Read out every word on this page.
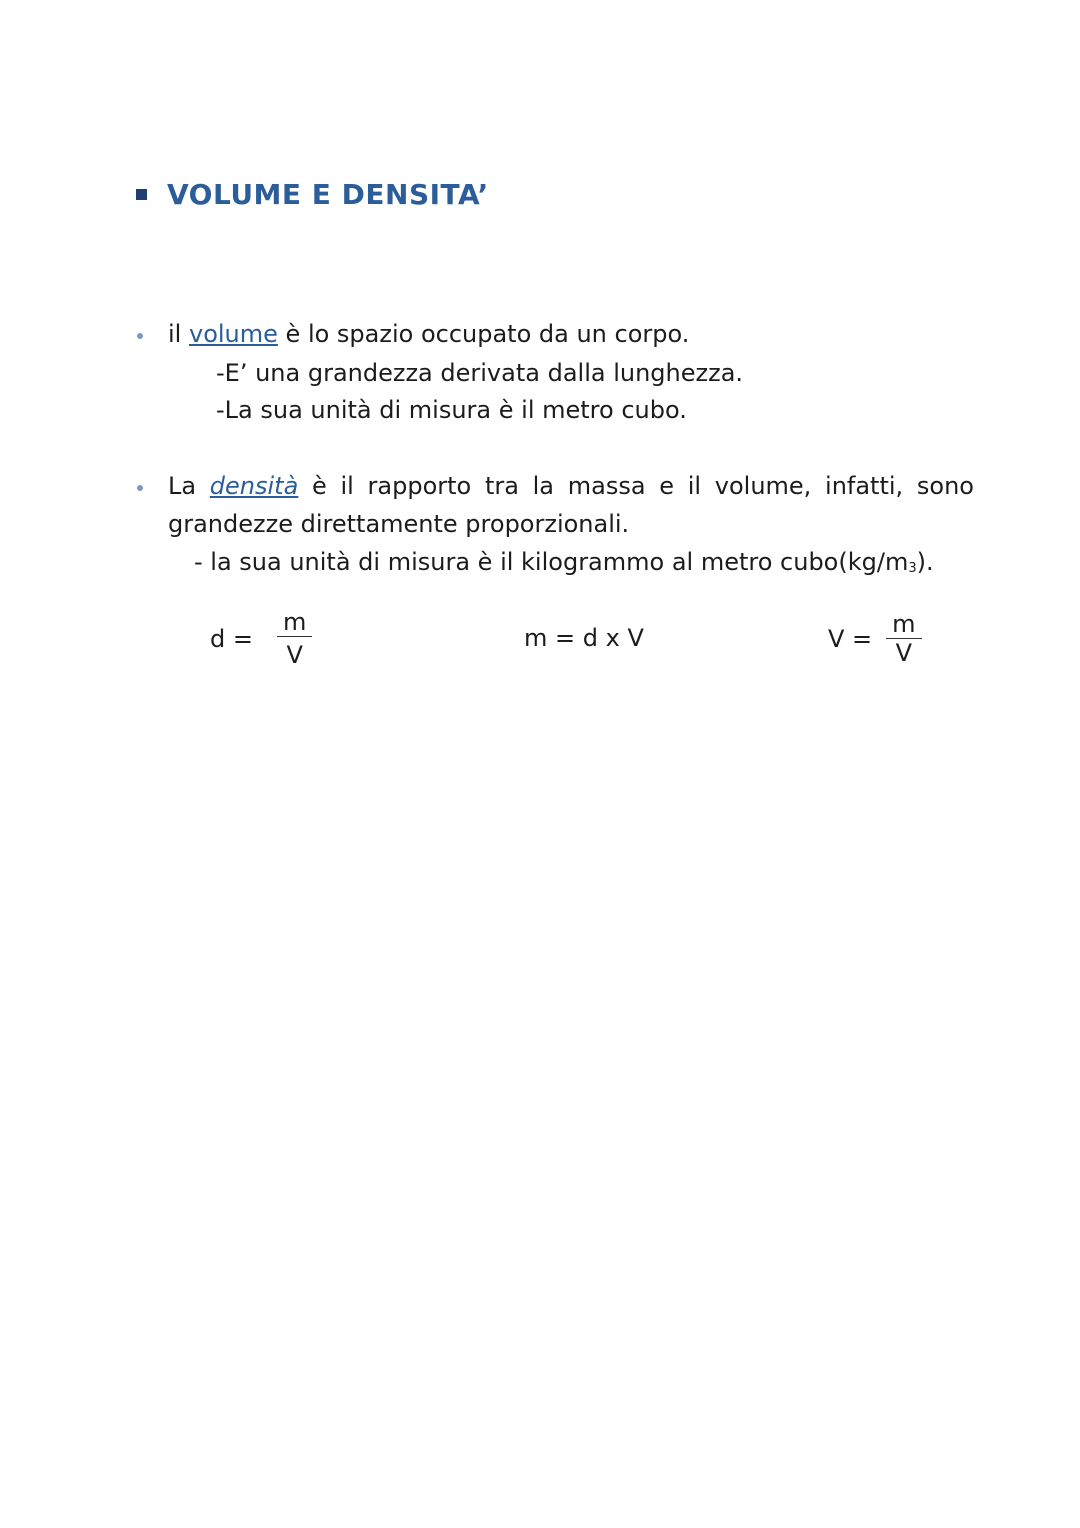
VOLUME E DENSITA’
il volume è lo spazio occupato da un corpo.
-E’ una grandezza derivata dalla lunghezza.
-La sua unità di misura è il metro cubo.
La densità è il rapporto tra la massa e il volume, infatti, sono
grandezze direttamente proporzionali.
- la sua unità di misura è il kilogrammo al metro $cubo(kg/m_3)$.
$d = \frac{m}{V}$	m = d x V	$V = \frac{m}{V}$
